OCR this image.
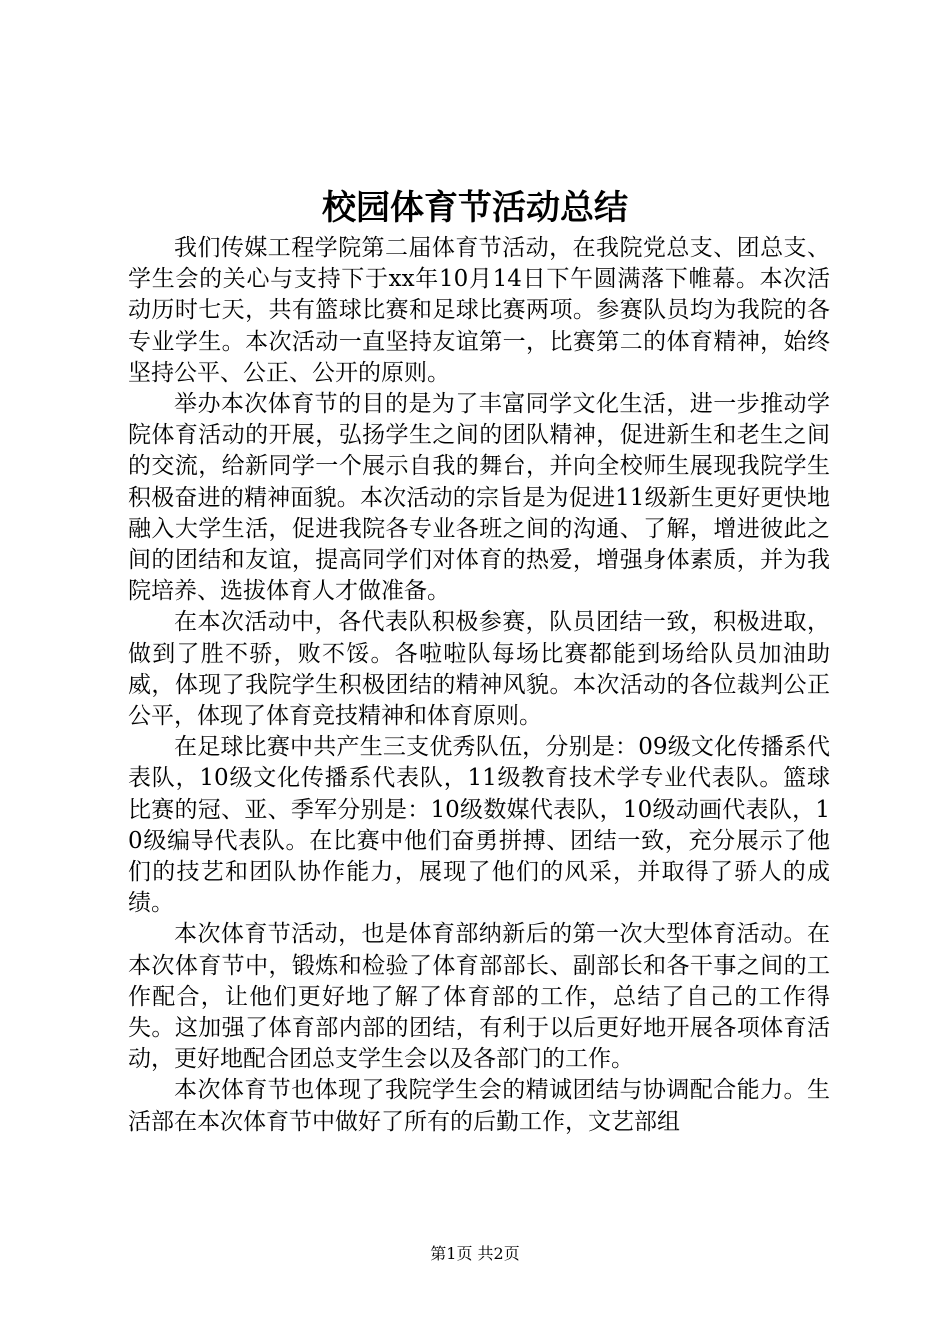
校园体育节活动总结

我们传媒工程学院第二届体育节活动，在我院党总支、团总支、学生会的关心与支持下于xx年10月14日下午圆满落下帷幕。本次活动历时七天，共有篮球比赛和足球比赛两项。参赛队员均为我院的各专业学生。本次活动一直坚持友谊第一，比赛第二的体育精神，始终坚持公平、公正、公开的原则。

举办本次体育节的目的是为了丰富同学文化生活，进一步推动学院体育活动的开展，弘扬学生之间的团队精神，促进新生和老生之间的交流，给新同学一个展示自我的舞台，并向全校师生展现我院学生积极奋进的精神面貌。本次活动的宗旨是为促进11级新生更好更快地融入大学生活，促进我院各专业各班之间的沟通、了解，增进彼此之间的团结和友谊，提高同学们对体育的热爱，增强身体素质，并为我院培养、选拔体育人才做准备。

在本次活动中，各代表队积极参赛，队员团结一致，积极进取，做到了胜不骄，败不馁。各啦啦队每场比赛都能到场给队员加油助威，体现了我院学生积极团结的精神风貌。本次活动的各位裁判公正公平，体现了体育竞技精神和体育原则。

在足球比赛中共产生三支优秀队伍，分别是：09级文化传播系代表队，10级文化传播系代表队，11级教育技术学专业代表队。篮球比赛的冠、亚、季军分别是：10级数媒代表队，10级动画代表队，10级编导代表队。在比赛中他们奋勇拼搏、团结一致，充分展示了他们的技艺和团队协作能力，展现了他们的风采，并取得了骄人的成绩。

本次体育节活动，也是体育部纳新后的第一次大型体育活动。在本次体育节中，锻炼和检验了体育部部长、副部长和各干事之间的工作配合，让他们更好地了解了体育部的工作，总结了自己的工作得失。这加强了体育部内部的团结，有利于以后更好地开展各项体育活动，更好地配合团总支学生会以及各部门的工作。

本次体育节也体现了我院学生会的精诚团结与协调配合能力。生活部在本次体育节中做好了所有的后勤工作，文艺部组

第1页 共2页
